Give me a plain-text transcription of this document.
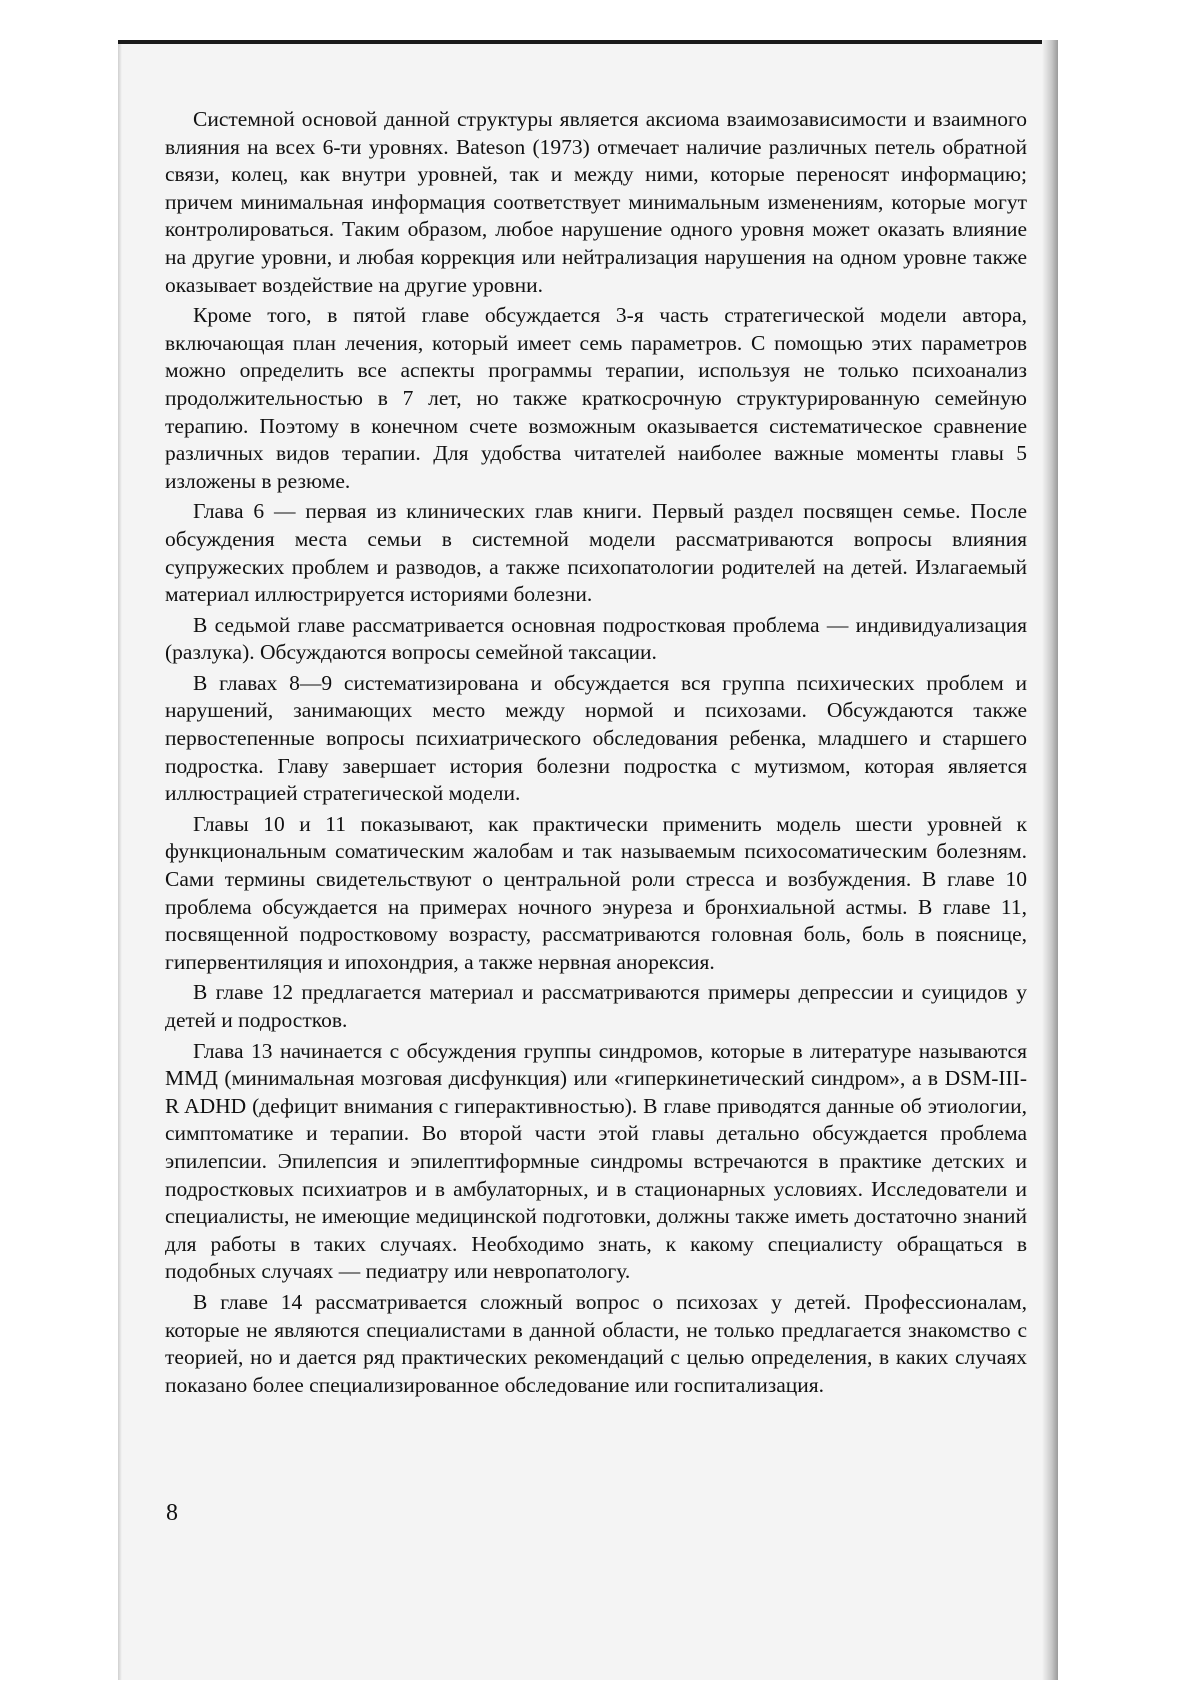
Системной основой данной структуры является аксиома взаимозависимости и взаимного влияния на всех 6-ти уровнях. Bateson (1973) отмечает наличие различных петель обратной связи, колец, как внутри уровней, так и между ними, которые переносят информацию; причем минимальная информация соответствует минимальным изменениям, которые могут контролироваться. Таким образом, любое нарушение одного уровня может оказать влияние на другие уровни, и любая коррекция или нейтрализация нарушения на одном уровне также оказывает воздействие на другие уровни.

Кроме того, в пятой главе обсуждается 3-я часть стратегической модели автора, включающая план лечения, который имеет семь параметров. С помощью этих параметров можно определить все аспекты программы терапии, используя не только психоанализ продолжительностью в 7 лет, но также краткосрочную структурированную семейную терапию. Поэтому в конечном счете возможным оказывается систематическое сравнение различных видов терапии. Для удобства читателей наиболее важные моменты главы 5 изложены в резюме.

Глава 6 — первая из клинических глав книги. Первый раздел посвящен семье. После обсуждения места семьи в системной модели рассматриваются вопросы влияния супружеских проблем и разводов, а также психопатологии родителей на детей. Излагаемый материал иллюстрируется историями болезни.

В седьмой главе рассматривается основная подростковая проблема — индивидуализация (разлука). Обсуждаются вопросы семейной таксации.

В главах 8—9 систематизирована и обсуждается вся группа психических проблем и нарушений, занимающих место между нормой и психозами. Обсуждаются также первостепенные вопросы психиатрического обследования ребенка, младшего и старшего подростка. Главу завершает история болезни подростка с мутизмом, которая является иллюстрацией стратегической модели.

Главы 10 и 11 показывают, как практически применить модель шести уровней к функциональным соматическим жалобам и так называемым психосоматическим болезням. Сами термины свидетельствуют о центральной роли стресса и возбуждения. В главе 10 проблема обсуждается на примерах ночного энуреза и бронхиальной астмы. В главе 11, посвященной подростковому возрасту, рассматриваются головная боль, боль в пояснице, гипервентиляция и ипохондрия, а также нервная анорексия.

В главе 12 предлагается материал и рассматриваются примеры депрессии и суицидов у детей и подростков.

Глава 13 начинается с обсуждения группы синдромов, которые в литературе называются ММД (минимальная мозговая дисфункция) или «гиперкинетический синдром», а в DSM-III-R ADHD (дефицит внимания с гиперактивностью). В главе приводятся данные об этиологии, симптоматике и терапии. Во второй части этой главы детально обсуждается проблема эпилепсии. Эпилепсия и эпилептиформные синдромы встречаются в практике детских и подростковых психиатров и в амбулаторных, и в стационарных условиях. Исследователи и специалисты, не имеющие медицинской подготовки, должны также иметь достаточно знаний для работы в таких случаях. Необходимо знать, к какому специалисту обращаться в подобных случаях — педиатру или невропатологу.

В главе 14 рассматривается сложный вопрос о психозах у детей. Профессионалам, которые не являются специалистами в данной области, не только предлагается знакомство с теорией, но и дается ряд практических рекомендаций с целью определения, в каких случаях показано более специализированное обследование или госпитализация.

8
